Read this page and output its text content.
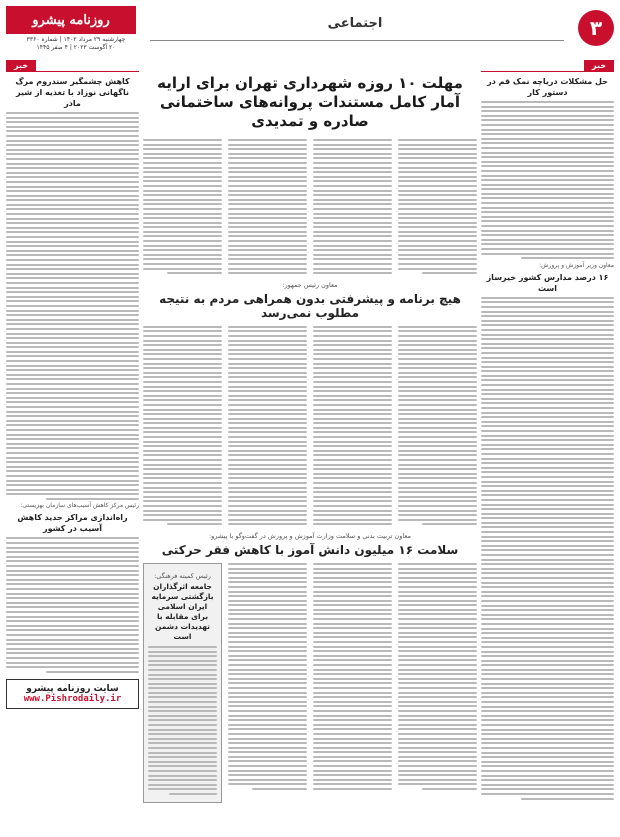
۳
اجتماعی
روزنامه پیشرو
چهارشنبه ۲۹ مرداد ۱۴۰۲ | شماره ۳۳۶۰
۲۰ آگوست ۲۰۲۳ | ۴ صفر ۱۴۴۵
خبر
حل مشکلات دریاچه نمک قم در دستور کار
معاون وزیر آموزش و پرورش:
۱۶ درصد مدارس کشور خیرساز است
خبر
کاهش چشمگیر سندروم مرگ ناگهانی نوزاد با تغذیه از شیر مادر
رئیس مرکز کاهش آسیب‌های سازمان بهزیستی:
راه‌اندازی مراکز جدید کاهش آسیب در کشور
سایت روزنامه پیشرو
www.Pishrodaily.ir
مهلت ۱۰ روزه شهرداری تهران برای ارایه آمار کامل مستندات پروانه‌های ساختمانی صادره و تمدیدی
معاون رئیس جمهور:
هیچ برنامه و پیشرفتی بدون همراهی مردم به نتیجه مطلوب نمی‌رسد
معاون تربیت بدنی و سلامت وزارت آموزش و پرورش در گفت‌وگو با پیشرو:
سلامت ۱۶ میلیون دانش آموز با کاهش فقر حرکتی
رئیس کمیته فرهنگی:
جامعه اثرگذاران بازگشتی سرمایه ایران اسلامی برای مقابله با تهدیدات دشمن است
